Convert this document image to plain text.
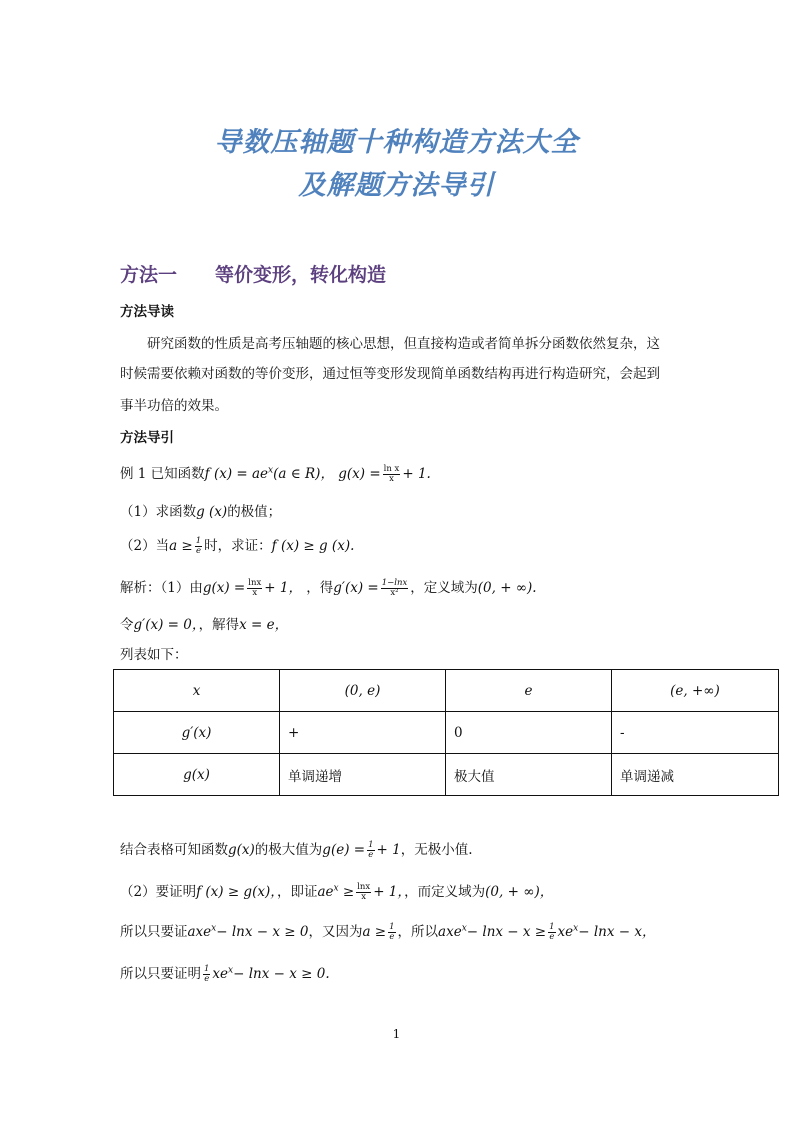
导数压轴题十种构造方法大全
及解题方法导引
方法一　　等价变形，转化构造
方法导读
研究函数的性质是高考压轴题的核心思想，但直接构造或者简单拆分函数依然复杂，这
时候需要依赖对函数的等价变形，通过恒等变形发现简单函数结构再进行构造研究，会起到
事半功倍的效果。
方法导引
例 1 已知函数f $(x) = ae^x(a$ ∈ R)， $g(x) = \frac{\text{ln x}}{x} + 1$.
（1）求函数g (x)的极值；
（2）当$a \ge \frac{1}{e}$ 时，求证：f (x) ≥ g (x).
解析：（1）由$g(x) = \frac{\ln x}{x} + 1$， ，得$g'(x) = \frac{1-\ln x}{\text{x²}}$ ，定义域为(0, + ∞).
令g′(x) = 0，，解得x = e，
列表如下：
x	(0, e)	e	(e, +∞)
g′(x)	+	0	-
g(x)	单调递增	极大值	单调递减
结合表格可知函数g(x)的极大值为$g(e) = \frac{1}{e} + 1$，无极小值.
（2）要证明f (x) ≥ g(x)，，即证$ae^x \ge \frac{\ln x}{x} + 1$，，而定义域为(0, + ∞)，
所以只要证axe$^x$− lnx − x ≥ 0，又因为$a \ge \frac{1}{e}$ ，所以$axe^x- \ln x - x \ge \frac{1}{e} xe^x- \ln x - x$，
所以只要证明 $\frac{1}{e} xe^x- \ln x - x \ge 0$.
1
